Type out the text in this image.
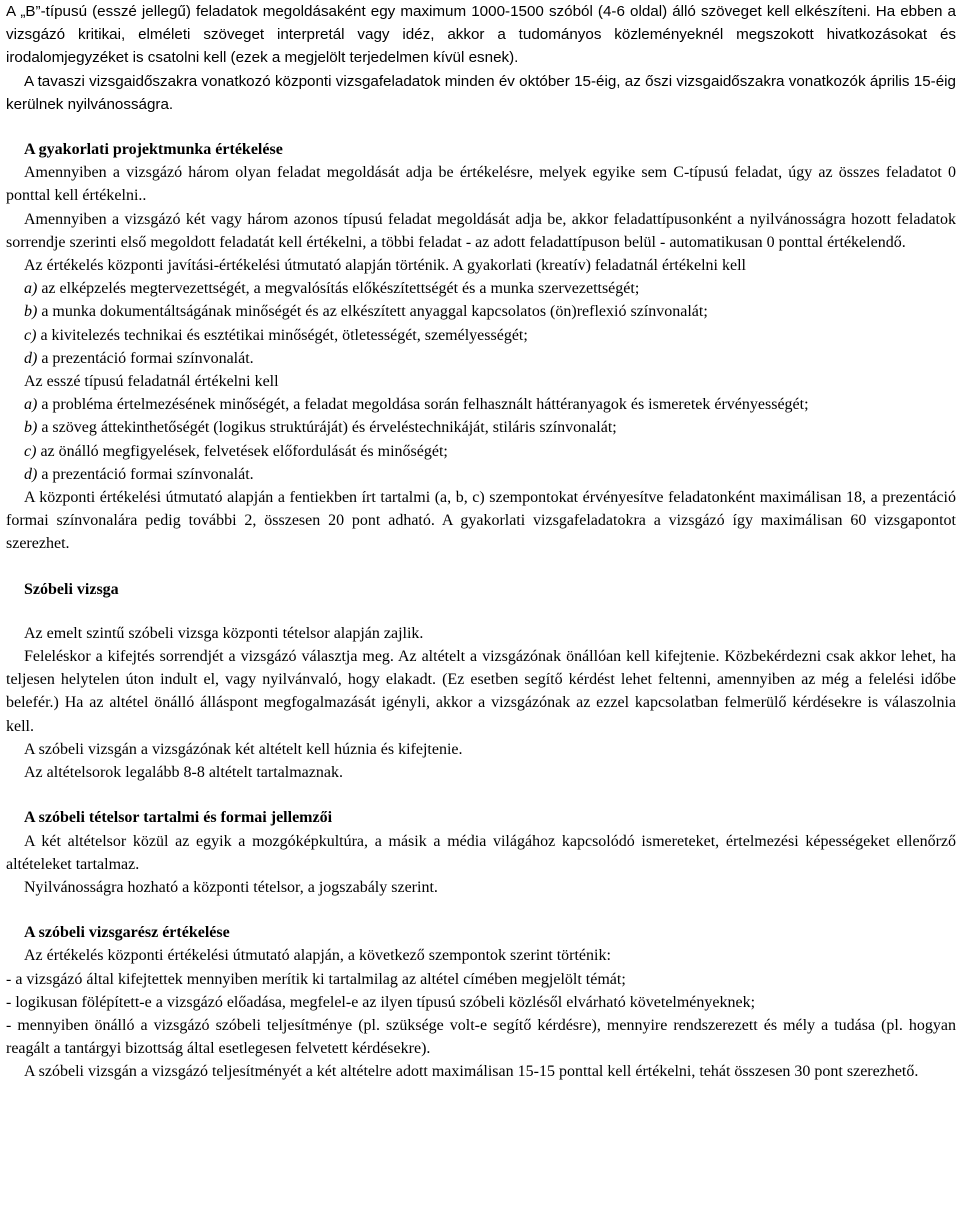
A „B”-típusú (esszé jellegű) feladatok megoldásaként egy maximum 1000-1500 szóból (4-6 oldal) álló szöveget kell elkészíteni. Ha ebben a vizsgázó kritikai, elméleti szöveget interpretál vagy idéz, akkor a tudományos közleményeknél megszokott hivatkozásokat és irodalomjegyzéket is csatolni kell (ezek a megjelölt terjedelmen kívül esnek).

A tavaszi vizsgaidőszakra vonatkozó központi vizsgafeladatok minden év október 15-éig, az őszi vizsgaidőszakra vonatkozók április 15-éig kerülnek nyilvánosságra.

A gyakorlati projektmunka értékelése

Amennyiben a vizsgázó három olyan feladat megoldását adja be értékelésre, melyek egyike sem C-típusú feladat, úgy az összes feladatot 0 ponttal kell értékelni..

Amennyiben a vizsgázó két vagy három azonos típusú feladat megoldását adja be, akkor feladattípusonként a nyilvánosságra hozott feladatok sorrendje szerinti első megoldott feladatát kell értékelni, a többi feladat - az adott feladattípuson belül - automatikusan 0 ponttal értékelendő.

Az értékelés központi javítási-értékelési útmutató alapján történik. A gyakorlati (kreatív) feladatnál értékelni kell

a) az elképzelés megtervezettségét, a megvalósítás előkészítettségét és a munka szervezettségét;

b) a munka dokumentáltságának minőségét és az elkészített anyaggal kapcsolatos (ön)reflexió színvonalát;

c) a kivitelezés technikai és esztétikai minőségét, ötletességét, személyességét;

d) a prezentáció formai színvonalát.

Az esszé típusú feladatnál értékelni kell

a) a probléma értelmezésének minőségét, a feladat megoldása során felhasznált háttéranyagok és ismeretek érvényességét;

b) a szöveg áttekinthetőségét (logikus struktúráját) és érveléstechnikáját, stiláris színvonalát;

c) az önálló megfigyelések, felvetések előfordulását és minőségét;

d) a prezentáció formai színvonalát.

A központi értékelési útmutató alapján a fentiekben írt tartalmi (a, b, c) szempontokat érvényesítve feladatonként maximálisan 18, a prezentáció formai színvonalára pedig további 2, összesen 20 pont adható. A gyakorlati vizsgafeladatokra a vizsgázó így maximálisan 60 vizsgapontot szerezhet.

Szóbeli vizsga

Az emelt szintű szóbeli vizsga központi tételsor alapján zajlik.

Feleléskor a kifejtés sorrendjét a vizsgázó választja meg. Az altételt a vizsgázónak önállóan kell kifejtenie. Közbekérdezni csak akkor lehet, ha teljesen helytelen úton indult el, vagy nyilvánvaló, hogy elakadt. (Ez esetben segítő kérdést lehet feltenni, amennyiben az még a felelési időbe belefér.) Ha az altétel önálló álláspont megfogalmazását igényli, akkor a vizsgázónak az ezzel kapcsolatban felmerülő kérdésekre is válaszolnia kell.

A szóbeli vizsgán a vizsgázónak két altételt kell húznia és kifejtenie.

Az altételsorok legalább 8-8 altételt tartalmaznak.

A szóbeli tételsor tartalmi és formai jellemzői

A két altételsor közül az egyik a mozgóképkultúra, a másik a média világához kapcsolódó ismereteket, értelmezési képességeket ellenőrző altételeket tartalmaz.

Nyilvánosságra hozható a központi tételsor, a jogszabály szerint.

A szóbeli vizsgarész értékelése

Az értékelés központi értékelési útmutató alapján, a következő szempontok szerint történik:

- a vizsgázó által kifejtettek mennyiben merítik ki tartalmilag az altétel címében megjelölt témát;

- logikusan fölépített-e a vizsgázó előadása, megfelel-e az ilyen típusú szóbeli közlésől elvárható követelményeknek;

- mennyiben önálló a vizsgázó szóbeli teljesítménye (pl. szüksége volt-e segítő kérdésre), mennyire rendszerezett és mély a tudása (pl. hogyan reagált a tantárgyi bizottság által esetlegesen felvetett kérdésekre).

A szóbeli vizsgán a vizsgázó teljesítményét a két altételre adott maximálisan 15-15 ponttal kell értékelni, tehát összesen 30 pont szerezhető.
